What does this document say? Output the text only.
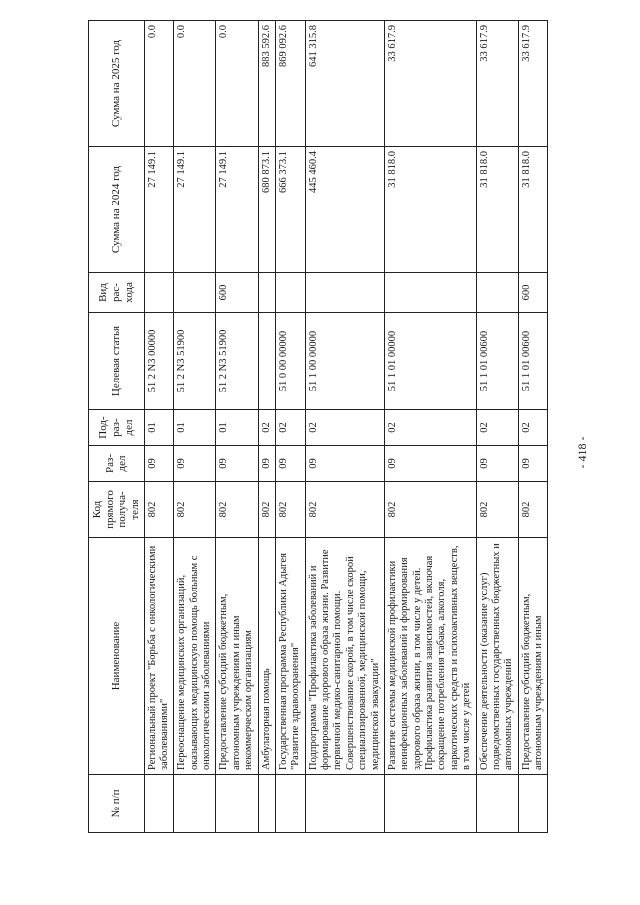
- 418 -
№ п/п	Наименование	Код прямого получа-теля	Раз-дел	Под-раз-дел	Целевая статья	Вид рас-хода	Сумма на 2024 год	Сумма на 2025 год
	Региональный проект "Борьба с онкологическими заболеваниями"	802	09	01	51 2 N3 00000		27 149.1	0.0
	Переоснащение медицинских организаций, оказывающих медицинскую помощь больным с онкологическими заболеваниями	802	09	01	51 2 N3 51900		27 149.1	0.0
	Предоставление субсидий бюджетным, автономным учреждениям и иным некоммерческим организациям	802	09	01	51 2 N3 51900	600	27 149.1	0.0
	Амбулаторная помощь	802	09	02			680 873.1	883 592.6
	Государственная программа Республики Адыгея "Развитие здравоохранения"	802	09	02	51 0 00 00000		666 373.1	869 092.6
	Подпрограмма "Профилактика заболеваний и формирование здорового образа жизни. Развитие первичной медико-санитарной помощи. Совершенствование скорой, в том числе скорой специализированной, медицинской помощи, медицинской эвакуации"	802	09	02	51 1 00 00000		445 460.4	641 315.8
	Развитие системы медицинской профилактики неинфекционных заболеваний и формирования здорового образа жизни, в том числе у детей. Профилактика развития зависимостей, включая сокращение потребления табака, алкоголя, наркотических средств и психоактивных веществ, в том числе у детей	802	09	02	51 1 01 00000		31 818.0	33 617.9
	Обеспечение деятельности (оказание услуг) подведомственных государственных бюджетных и автономных учреждений	802	09	02	51 1 01 00600		31 818.0	33 617.9
	Предоставление субсидий бюджетным, автономным учреждениям и иным	802	09	02	51 1 01 00600	600	31 818.0	33 617.9
